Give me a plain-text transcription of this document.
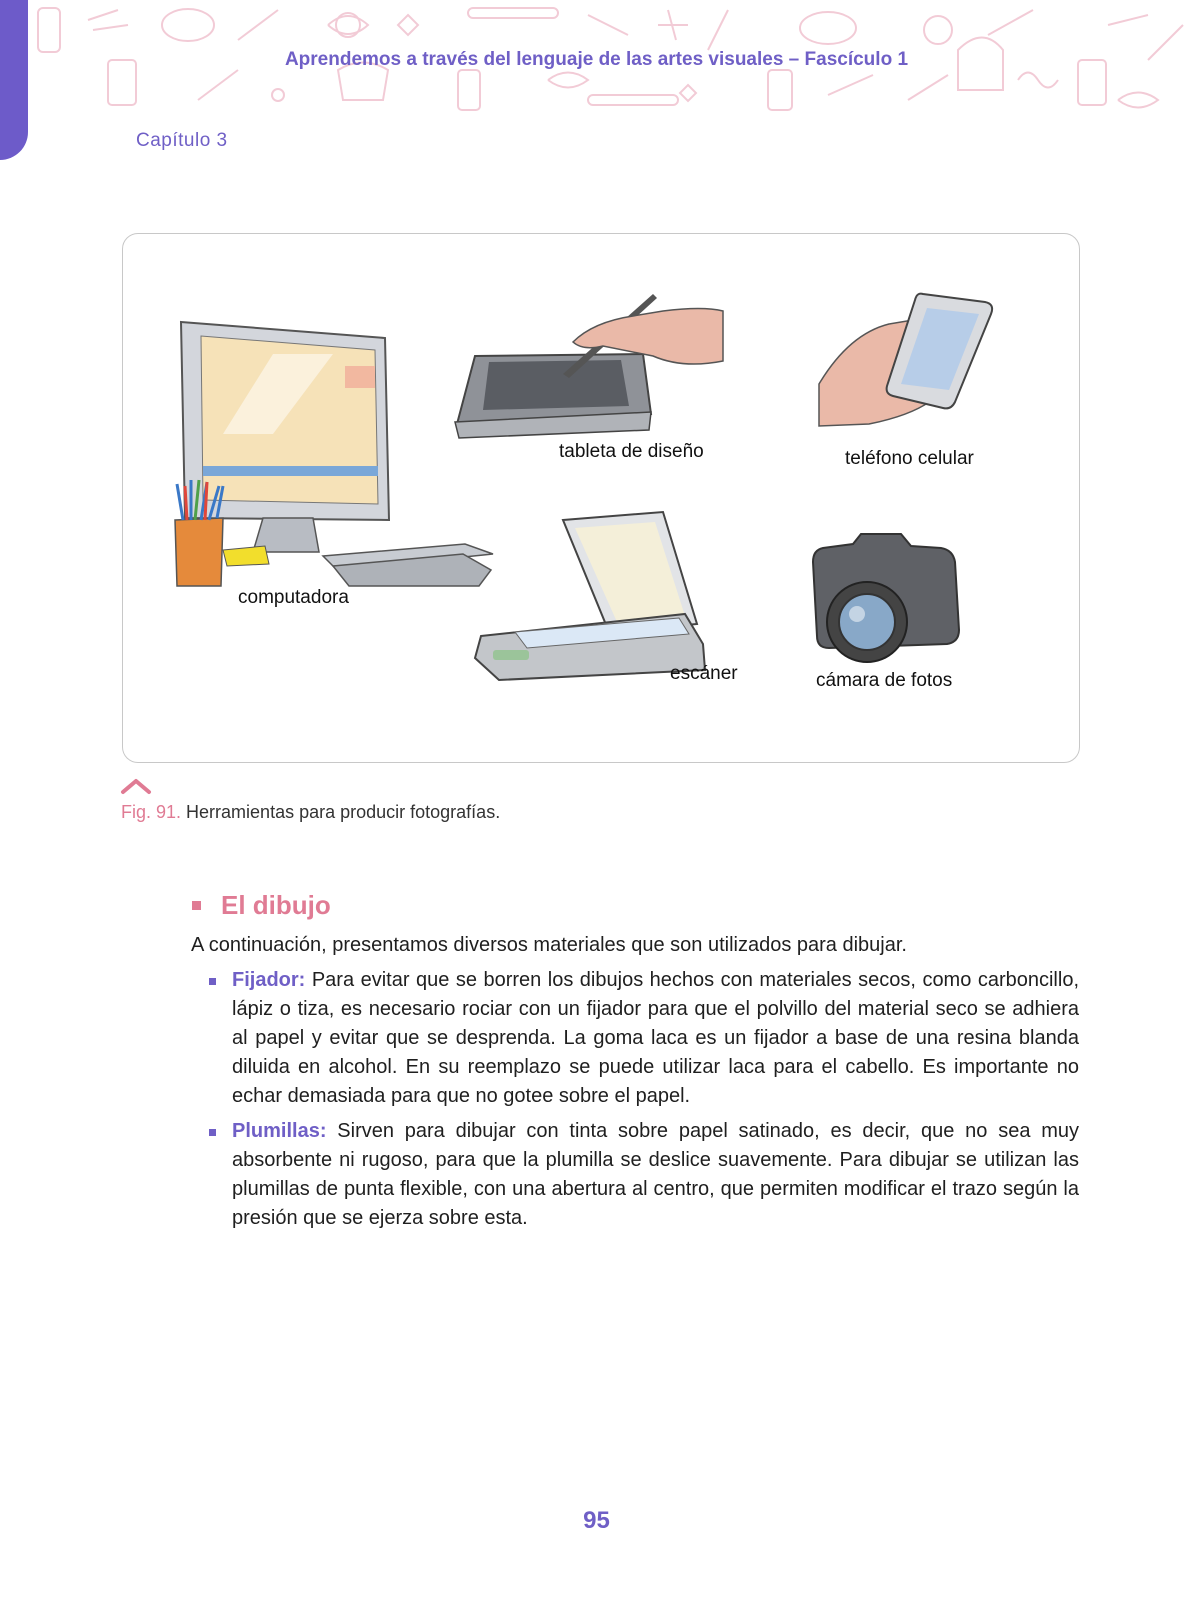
Aprendemos a través del lenguaje de las artes visuales – Fascículo 1
Capítulo 3
tableta de diseño	teléfono celular
computadora
escáner	cámara de fotos
Fig. 91. Herramientas para producir fotografías.
El dibujo
A continuación, presentamos diversos materiales que son utilizados para dibujar.
Fijador: Para evitar que se borren los dibujos hechos con materiales secos, como carboncillo, lápiz o tiza, es necesario rociar con un fijador para que el polvillo del material seco se adhiera al papel y evitar que se desprenda. La goma laca es un fijador a base de una resina blanda diluida en alcohol. En su reemplazo se puede utilizar laca para el cabello. Es importante no echar demasiada para que no gotee sobre el papel.
Plumillas: Sirven para dibujar con tinta sobre papel satinado, es decir, que no sea muy absorbente ni rugoso, para que la plumilla se deslice suavemente. Para dibujar se utilizan las plumillas de punta flexible, con una abertura al centro, que permiten modificar el trazo según la presión que se ejerza sobre esta.
95
